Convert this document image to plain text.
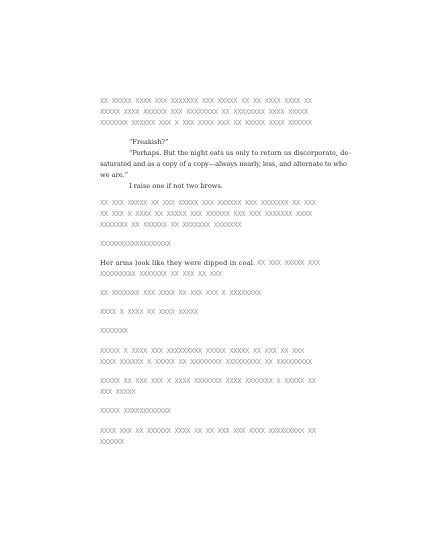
XX XXXXX XXXX XXX XXXXXXX XXX XXXXX XX XX XXXX XXXX XX
XXXXX XXXX XXXXXX XXX XXXXXXXX XX XXXXXXXX XXXX XXXXX
XXXXXXX XXXXXX XXX X XXX XXXX XXX XX XXXXX XXXX XXXXXX
“Freakish?”
“Perhaps. But the night eats us only to return us discorporate, de-
saturated and as a copy of a copy—always nearly, less, and alternate to who
we are.”
I raise one if not two brows.
XX XXX XXXXX XX XXX XXXXX XXX XXXXXX XXX XXXXXXX XX XXX
XX XXX X XXXX XX XXXXX XXX XXXXXX XXX XXX XXXXXXX XXXX
XXXXXXX XX XXXXXX XX XXXXXXX XXXXXXX
XXXXXXXXXXXXXXXXXX
Her arms look like they were dipped in coal. XX XXX XXXXX XXX
XXXXXXXXX XXXXXXX XX XXX XX XXX
XX XXXXXXX XXX XXXX XX XXX XXX X XXXXXXXX
XXXX X XXXX XX XXXX XXXXX
XXXXXXX
XXXXX X XXXX XXX XXXXXXXXX XXXXX XXXXX XX XXX XX XXX
XXXX XXXXXX X XXXXX XX XXXXXXXX XXXXXXXXX XX XXXXXXXXX
XXXXX XX XXX XXX X XXXX XXXXXXX XXXX XXXXXXX X XXXXX XX
XXX XXXXX
XXXXX XXXXXXXXXXXX
XXXX XXX XX XXXXXX XXXX XX XX XXX XXX XXXX XXXXXXXXX XX
XXXXXX
